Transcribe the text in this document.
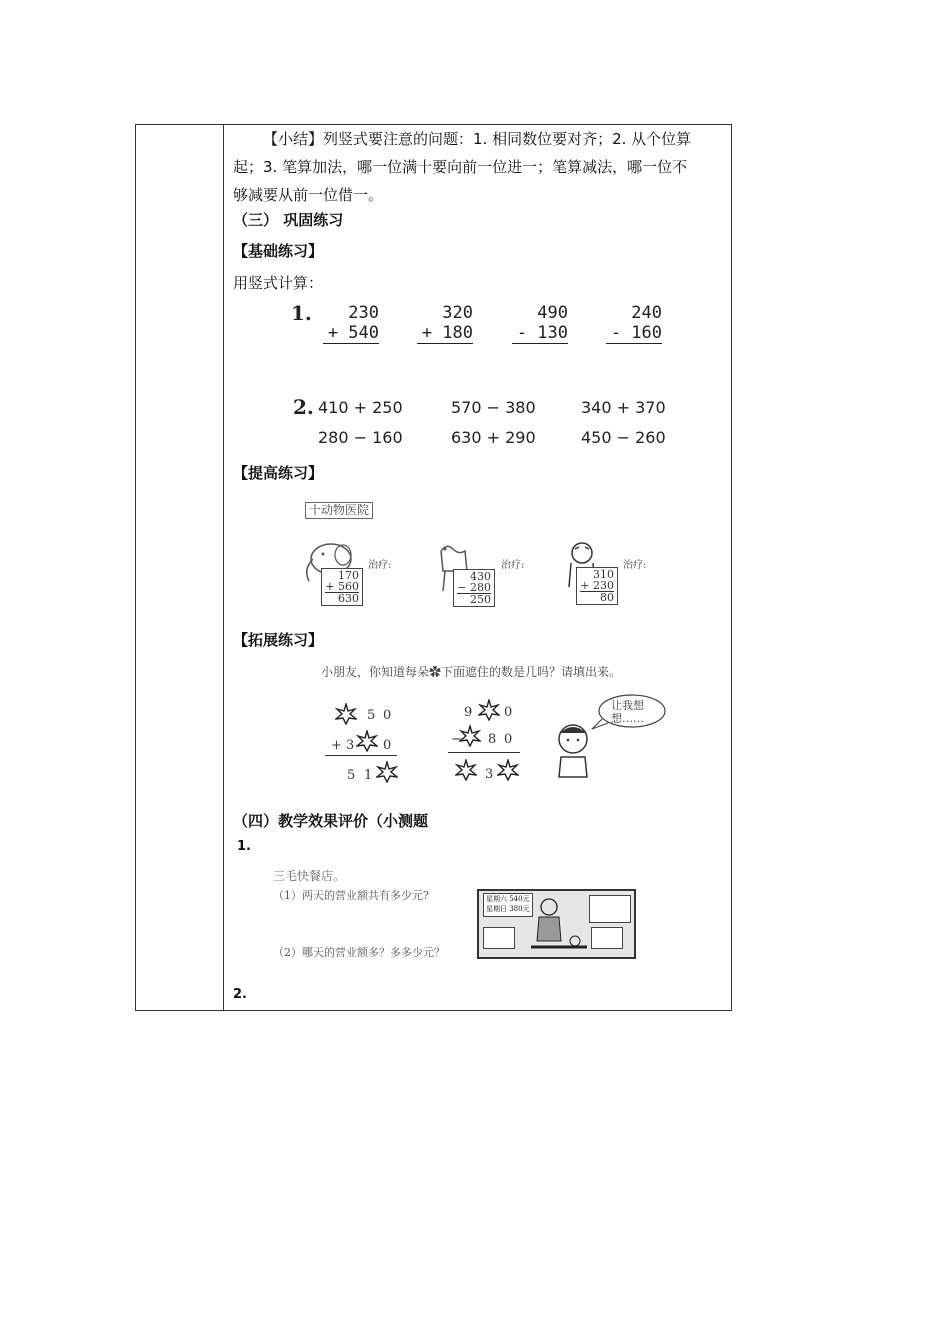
【小结】列竖式要注意的问题：1. 相同数位要对齐；2. 从个位算
起；3. 笔算加法，哪一位满十要向前一位进一；笔算减法，哪一位不
够减要从前一位借一。
（三） 巩固练习
【基础练习】
用竖式计算：
1.	230
+ 540
320
+ 180
490
- 130
240
- 160
2. 410 + 250	570 − 380	340 + 370
280 − 160	630 + 290	450 − 260
【提高练习】
十动物医院
170
+ 560
630
治疗:
430
− 280
250
治疗:
310
+ 230
80
治疗:
【拓展练习】
小朋友，你知道每朵✿下面遮住的数是几吗？请填出来。
5 0
+ 3 0
5 1
9 0
− 8 0
3
让我想想……
（四）教学效果评价（小测题
1.
三毛快餐店。
（1）两天的营业额共有多少元?
（2）哪天的营业额多？多多少元？
星期六 540元
星期日 380元
2.
